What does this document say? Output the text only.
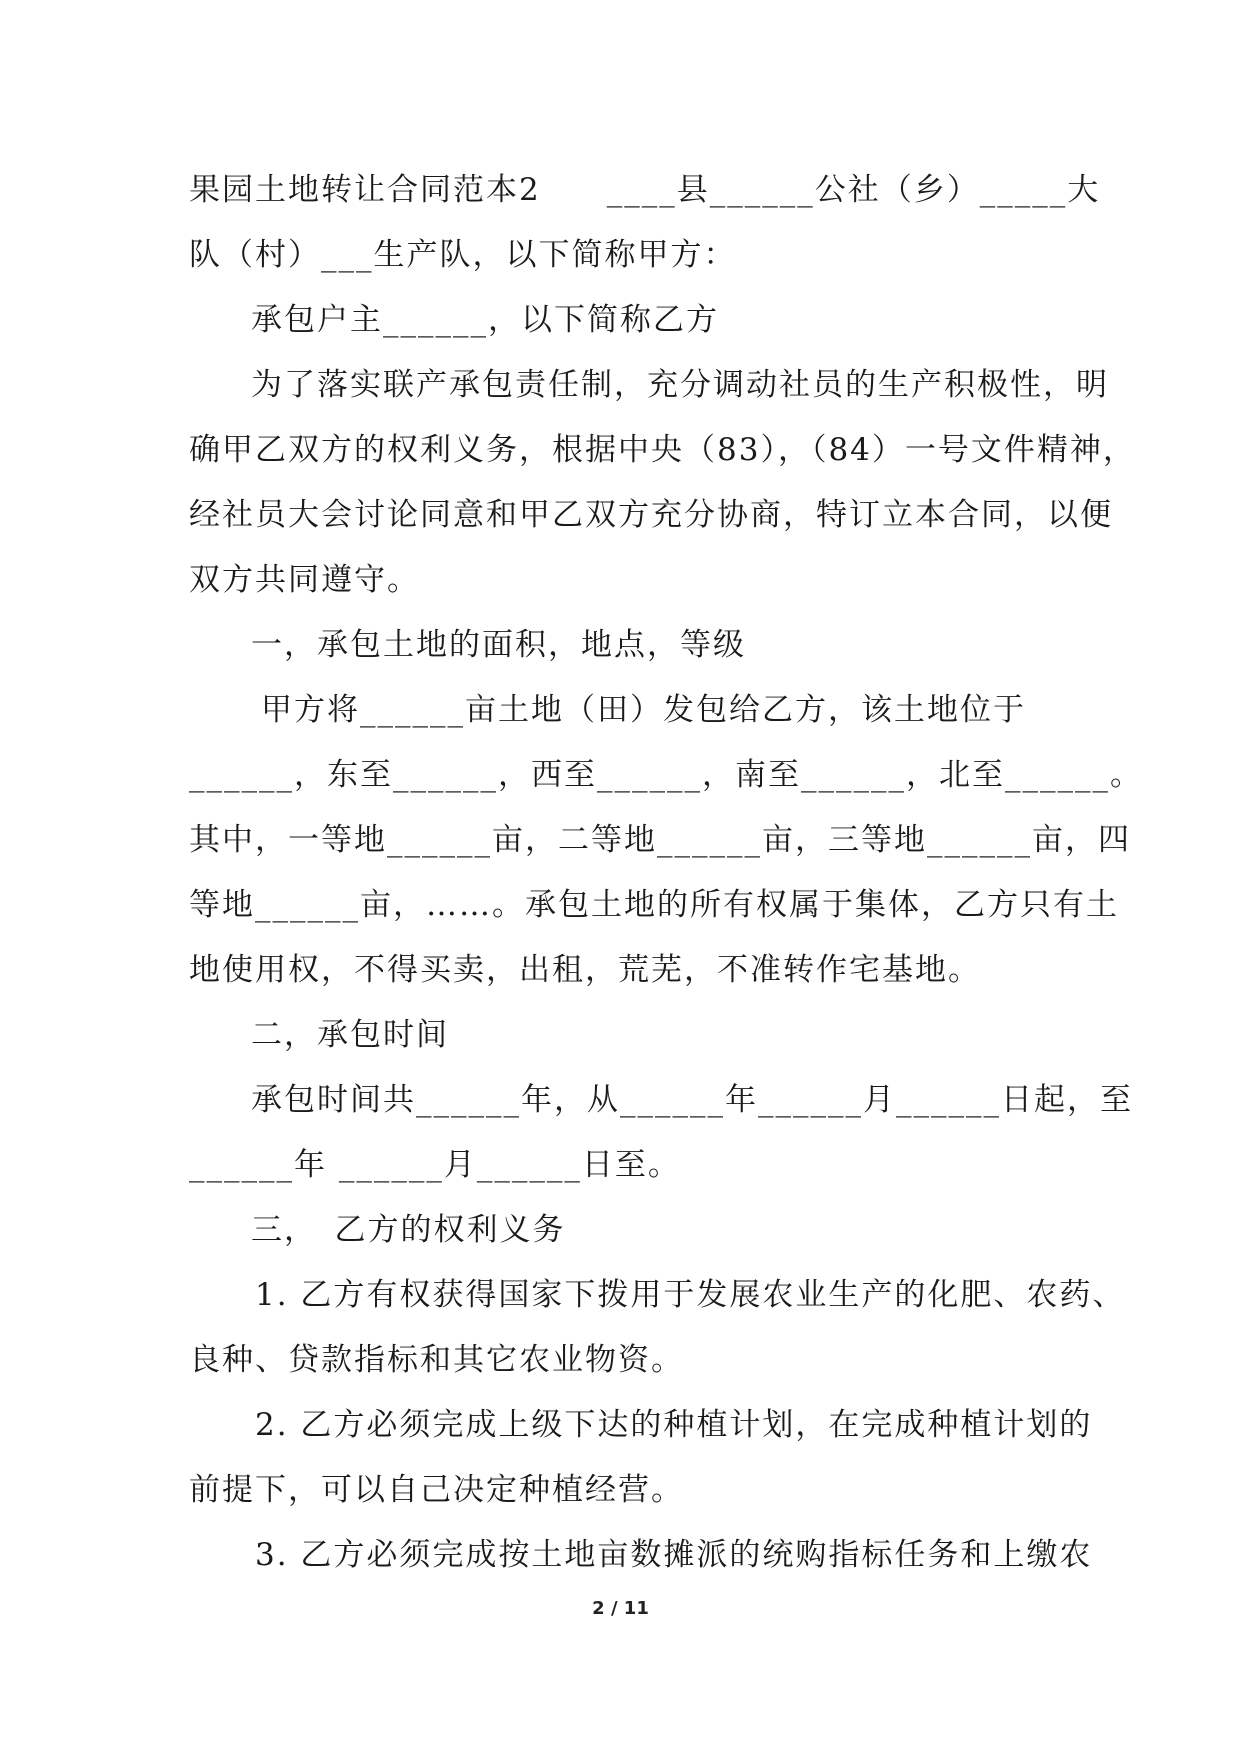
果园土地转让合同范本2　　____县______公社（乡）_____大
队（村）___生产队，以下简称甲方：
承包户主______，以下简称乙方
为了落实联产承包责任制，充分调动社员的生产积极性，明
确甲乙双方的权利义务，根据中央（83），（84）一号文件精神，
经社员大会讨论同意和甲乙双方充分协商，特订立本合同，以便
双方共同遵守。
一，承包土地的面积，地点，等级
甲方将______亩土地（田）发包给乙方，该土地位于
______，东至______，西至______，南至______，北至______。
其中，一等地______亩，二等地______亩，三等地______亩，四
等地______亩，……。承包土地的所有权属于集体，乙方只有土
地使用权，不得买卖，出租，荒芜，不准转作宅基地。
二，承包时间
承包时间共______年，从______年______月______日起，至
______年 ______月______日至。
三，　乙方的权利义务
1. 乙方有权获得国家下拨用于发展农业生产的化肥、农药、
良种、贷款指标和其它农业物资。
2. 乙方必须完成上级下达的种植计划，在完成种植计划的
前提下，可以自己决定种植经营。
3. 乙方必须完成按土地亩数摊派的统购指标任务和上缴农
2 / 11
